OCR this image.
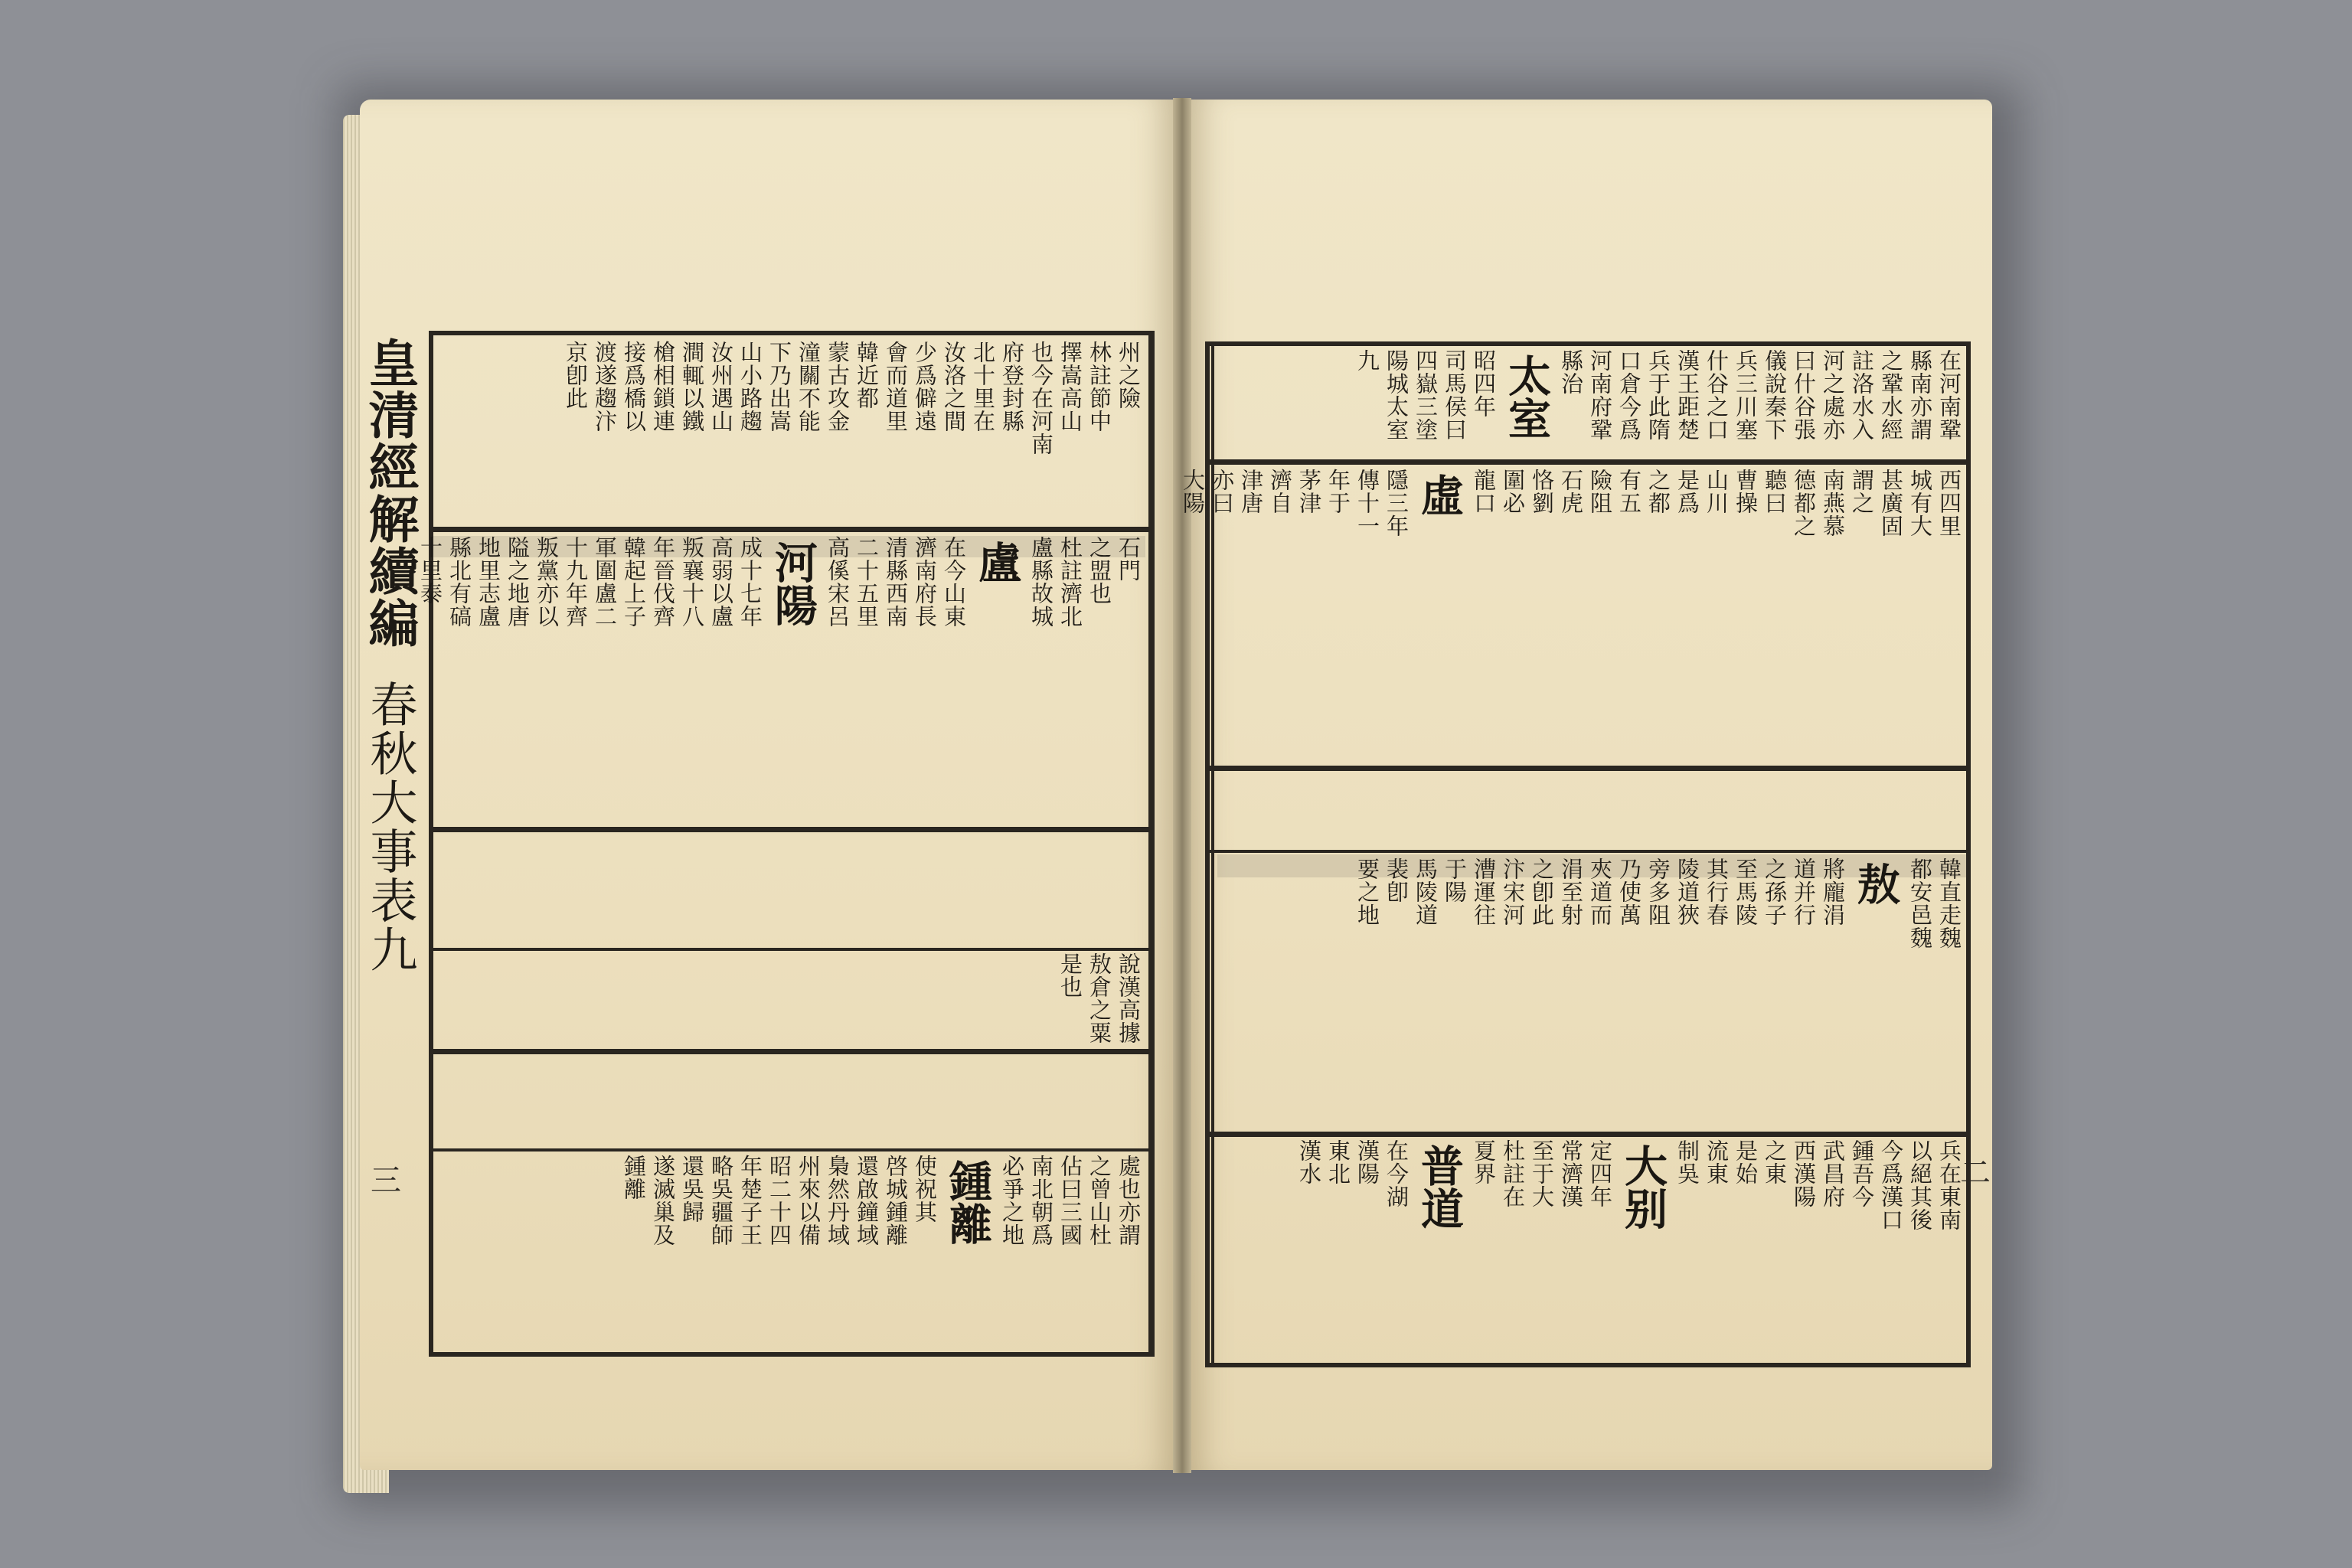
皇清經解續編
春秋大事表九
三
州之險
林註節中
擇嵩高山
也今在河南
府登封縣
北十里在
汝洛之間
少爲僻遠
會而道里
韓近都
蒙古攻金
潼關不能
下乃出嵩
山小路趨
汝州遇山
澗輒以鐵
槍相鎖連
接爲橋以
渡遂趨汴
京卽此
石門
之盟也
杜註濟北
盧縣故城
盧
在今山東
濟南府長
清縣西南
二十五里
高傒宋呂
河陽
成十七年
高弱以盧
叛襄十八
年晉伐齊
韓起上子
軍圍盧二
十九年齊
叛黨亦以
隘之地唐
地里志盧
縣北有碻
十里泰
說漢高據
敖倉之粟
是也
處也亦謂
之曾山杜
佔曰三國
南北朝爲
必爭之地
鍾離
使祝其
啓城鍾離
還啟鐘域
梟然丹域
州來以備
昭二十四
年楚子王
略吳疆師
還吳歸
遂滅巢及
鍾離	二
在河南鞏
縣南亦謂
之鞏水經
註洛水入
河之處亦
曰什谷張
儀說秦下
兵三川塞
什谷之口
漢王距楚
兵于此隋
口倉今爲
河南府鞏
縣治
太室
昭四年
司馬侯曰
四嶽三塗
陽城太室
九
西四里
城有大
甚廣固
謂之
南燕慕
德都之
聽曰
曹操
山川
是爲
之都
有五
險阻
石虎
恪劉
圍必
龍口
虛
隱三年
傳十一
年于
茅津
濟自
津唐
亦曰
大陽
韓直走魏
都安邑魏
敖
將龐涓
道并行
之孫子
至馬陵
其行春
陵道狹
旁多阻
乃使萬
夾道而
涓至射
之卽此
汴宋河
漕運往
于陽
馬陵道
裴卽
要之地
兵在東南
以絕其後
今爲漢口
鍾吾今
武昌府
西漢陽
之東
是始
流東
制吳
大别
定四年
常濟漢
至于大
杜註在
夏界
普道
在今湖
漢陽
東北
漢水
